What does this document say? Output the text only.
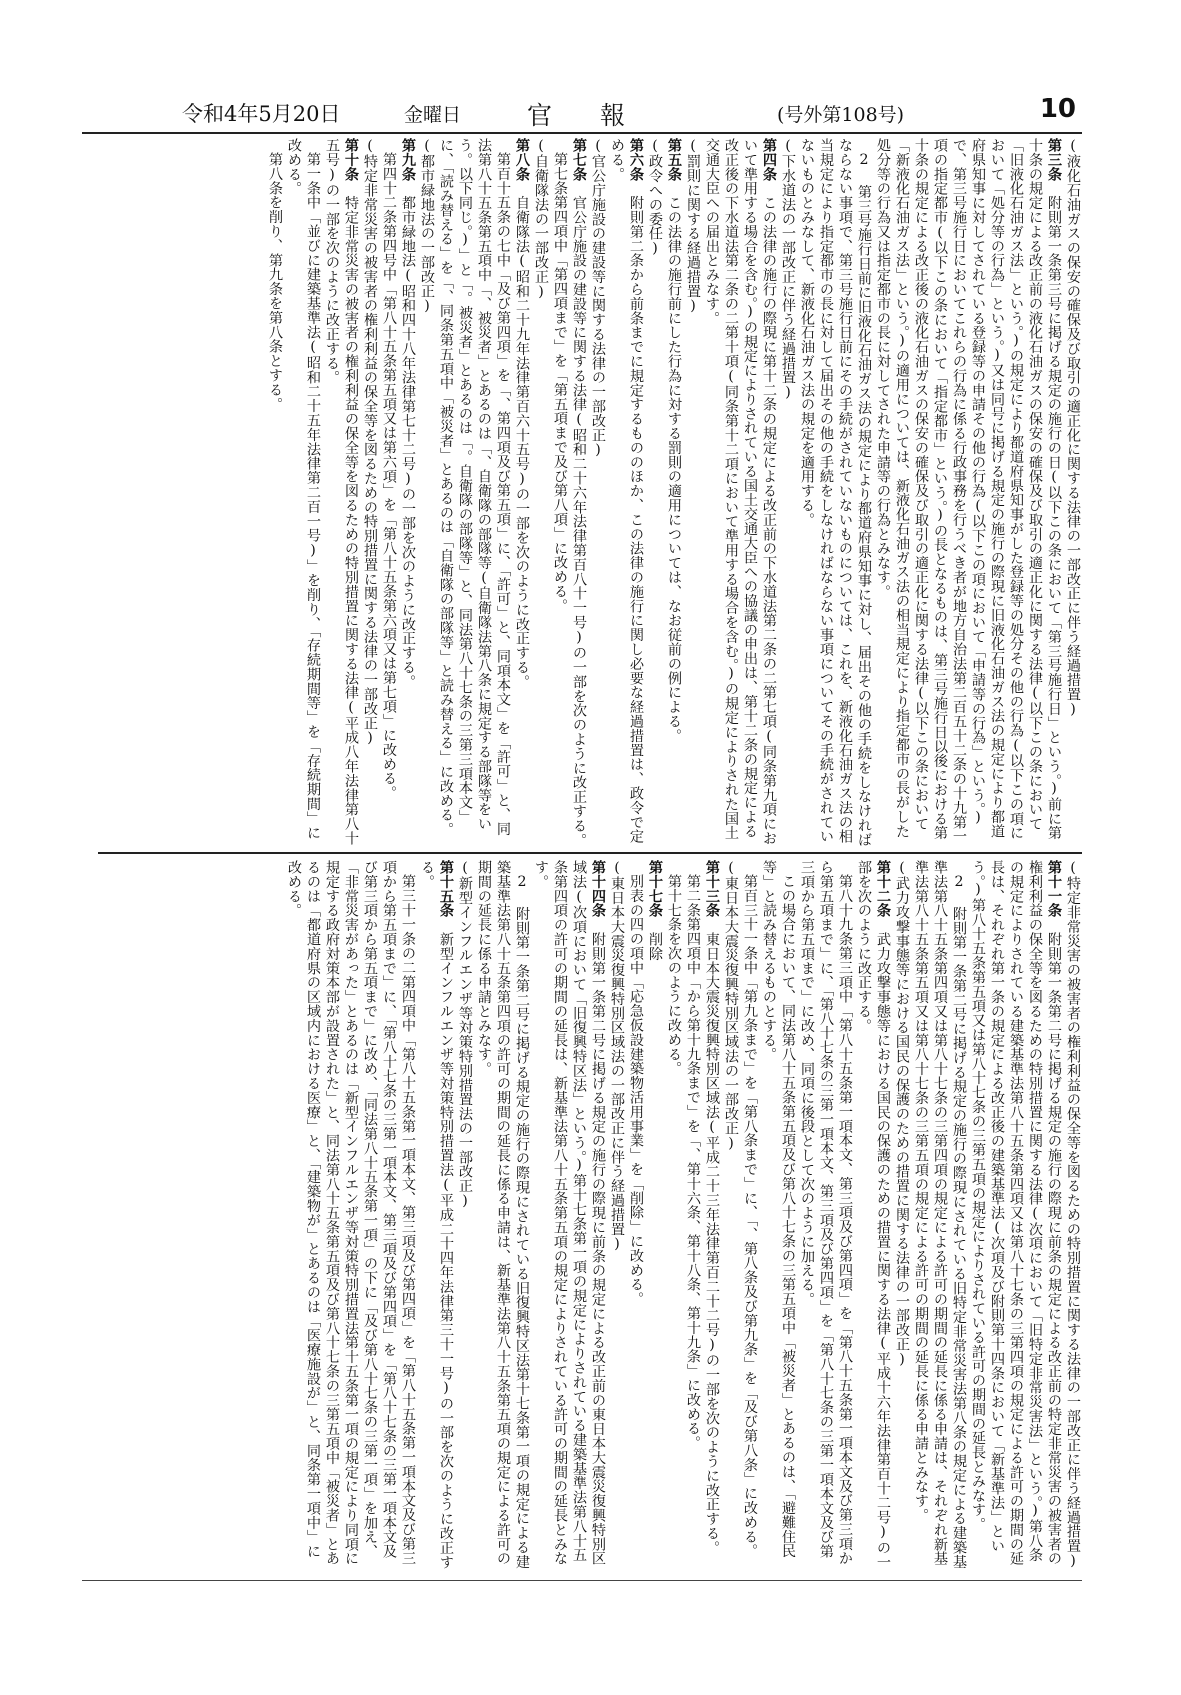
令和4年5月20日	金曜日	官報	(号外第108号)	10
(液化石油ガスの保安の確保及び取引の適正化に関する法律の一部改正に伴う経過措置)
第三条　附則第一条第三号に掲げる規定の施行の日(以下この条において「第三号施行日」という。)前に第十条の規定による改正前の液化石油ガスの保安の確保及び取引の適正化に関する法律(以下この条において「旧液化石油ガス法」という。)の規定により都道府県知事がした登録等の処分その他の行為(以下この項において「処分等の行為」という。)又は同号に掲げる規定の施行の際現に旧液化石油ガス法の規定により都道府県知事に対してされている登録等の申請その他の行為(以下この項において「申請等の行為」という。)で、第三号施行日においてこれらの行為に係る行政事務を行うべき者が地方自治法第二百五十二条の十九第一項の指定都市(以下この条において「指定都市」という。)の長となるものは、第三号施行日以後における第十条の規定による改正後の液化石油ガスの保安の確保及び取引の適正化に関する法律(以下この条において「新液化石油ガス法」という。)の適用については、新液化石油ガス法の相当規定により指定都市の長がした処分等の行為又は指定都市の長に対してされた申請等の行為とみなす。
2 第三号施行日前に旧液化石油ガス法の規定により都道府県知事に対し、届出その他の手続をしなければならない事項で、第三号施行日前にその手続がされていないものについては、これを、新液化石油ガス法の相当規定により指定都市の長に対して届出その他の手続をしなければならない事項についてその手続がされていないものとみなして、新液化石油ガス法の規定を適用する。
(下水道法の一部改正に伴う経過措置)
第四条　この法律の施行の際現に第十二条の規定による改正前の下水道法第二条の二第七項(同条第九項において準用する場合を含む。)の規定によりされている国土交通大臣への協議の申出は、第十二条の規定による改正後の下水道法第二条の二第十項(同条第十二項において準用する場合を含む。)の規定によりされた国土交通大臣への届出とみなす。
(罰則に関する経過措置)
第五条　この法律の施行前にした行為に対する罰則の適用については、なお従前の例による。
(政令への委任)
第六条　附則第二条から前条までに規定するもののほか、この法律の施行に関し必要な経過措置は、政令で定める。
(官公庁施設の建設等に関する法律の一部改正)
第七条　官公庁施設の建設等に関する法律(昭和二十六年法律第百八十一号)の一部を次のように改正する。
第七条第四項中「第四項まで」を「第五項まで及び第八項」に改める。
(自衛隊法の一部改正)
第八条　自衛隊法(昭和二十九年法律第百六十五号)の一部を次のように改正する。
第百十五条の七中「及び第四項」を「、第四項及び第五項」に、「許可」と、同項本文」を「許可」と、同法第八十五条第五項中「、被災者」とあるのは「、自衛隊の部隊等(自衛隊法第八条に規定する部隊等をいう。以下同じ。)」と「。被災者」とあるのは「。自衛隊の部隊等」と、同法第八十七条の三第三項本文」に、「読み替える」を「、同条第五項中「被災者」とあるのは「自衛隊の部隊等」と読み替える」に改める。
(都市緑地法の一部改正)
第九条　都市緑地法(昭和四十八年法律第七十二号)の一部を次のように改正する。
第四十二条第四号中「第八十五条第五項又は第六項」を「第八十五条第六項又は第七項」に改める。
(特定非常災害の被害者の権利利益の保全等を図るための特別措置に関する法律の一部改正)
第十条　特定非常災害の被害者の権利利益の保全等を図るための特別措置に関する法律(平成八年法律第八十五号)の一部を次のように改正する。
第一条中「並びに建築基準法(昭和二十五年法律第二百一号)」を削り、「存続期間等」を「存続期間」に改める。
第八条を削り、第九条を第八条とする。
(特定非常災害の被害者の権利利益の保全等を図るための特別措置に関する法律の一部改正に伴う経過措置)
第十一条　附則第一条第二号に掲げる規定の施行の際現に前条の規定による改正前の特定非常災害の被害者の権利利益の保全等を図るための特別措置に関する法律(次項において「旧特定非常災害法」という。)第八条の規定によりされている建築基準法第八十五条第四項又は第八十七条の三第四項の規定による許可の期間の延長は、それぞれ第一条の規定による改正後の建築基準法(次項及び附則第十四条において「新基準法」という。)第八十五条第五項又は第八十七条の三第五項の規定によりされている許可の期間の延長とみなす。
2 附則第一条第二号に掲げる規定の施行の際現にされている旧特定非常災害法第八条の規定による建築基準法第八十五条第四項又は第八十七条の三第四項の規定による許可の期間の延長に係る申請は、それぞれ新基準法第八十五条第五項又は第八十七条の三第五項の規定による許可の期間の延長に係る申請とみなす。
(武力攻撃事態等における国民の保護のための措置に関する法律の一部改正)
第十二条　武力攻撃事態等における国民の保護のための措置に関する法律(平成十六年法律第百十二号)の一部を次のように改正する。
第八十九条第三項中「第八十五条第一項本文、第三項及び第四項」を「第八十五条第一項本文及び第三項から第五項まで」に、「第八十七条の三第一項本文、第三項及び第四項」を「第八十七条の三第一項本文及び第三項から第五項まで」に改め、同項に後段として次のように加える。
この場合において、同法第八十五条第五項及び第八十七条の三第五項中「被災者」とあるのは、「避難住民等」と読み替えるものとする。
第百三十一条中「第九条まで」を「第八条まで」に、「、第八条及び第九条」を「及び第八条」に改める。
(東日本大震災復興特別区域法の一部改正)
第十三条　東日本大震災復興特別区域法(平成二十三年法律第百二十二号)の一部を次のように改正する。
第二条第四項中「から第十九条まで」を「、第十六条、第十八条、第十九条」に改める。
第十七条を次のように改める。
第十七条　削除
別表の四の項中「応急仮設建築物活用事業」を「削除」に改める。
(東日本大震災復興特別区域法の一部改正に伴う経過措置)
第十四条　附則第一条第二号に掲げる規定の施行の際現に前条の規定による改正前の東日本大震災復興特別区域法(次項において「旧復興特区法」という。)第十七条第一項の規定によりされている建築基準法第八十五条第四項の許可の期間の延長は、新基準法第八十五条第五項の規定によりされている許可の期間の延長とみなす。
2 附則第一条第二号に掲げる規定の施行の際現にされている旧復興特区法第十七条第一項の規定による建築基準法第八十五条第四項の許可の期間の延長に係る申請は、新基準法第八十五条第五項の規定による許可の期間の延長に係る申請とみなす。
(新型インフルエンザ等対策特別措置法の一部改正)
第十五条　新型インフルエンザ等対策特別措置法(平成二十四年法律第三十一号)の一部を次のように改正する。
第三十一条の二第四項中「第八十五条第一項本文、第三項及び第四項」を「第八十五条第一項本文及び第三項から第五項まで」に、「第八十七条の三第一項本文、第三項及び第四項」を「第八十七条の三第一項本文及び第三項から第五項まで」に改め、「同法第八十五条第一項」の下に「及び第八十七条の三第一項」を加え、「非常災害があった」とあるのは「新型インフルエンザ等対策特別措置法第十五条第一項の規定により同項に規定する政府対策本部が設置された」と、同法第八十五条第五項及び第八十七条の三第五項中「被災者」とあるのは「都道府県の区域内における医療」と、「建築物が」とあるのは「医療施設が」と、同条第一項中」に改める。
